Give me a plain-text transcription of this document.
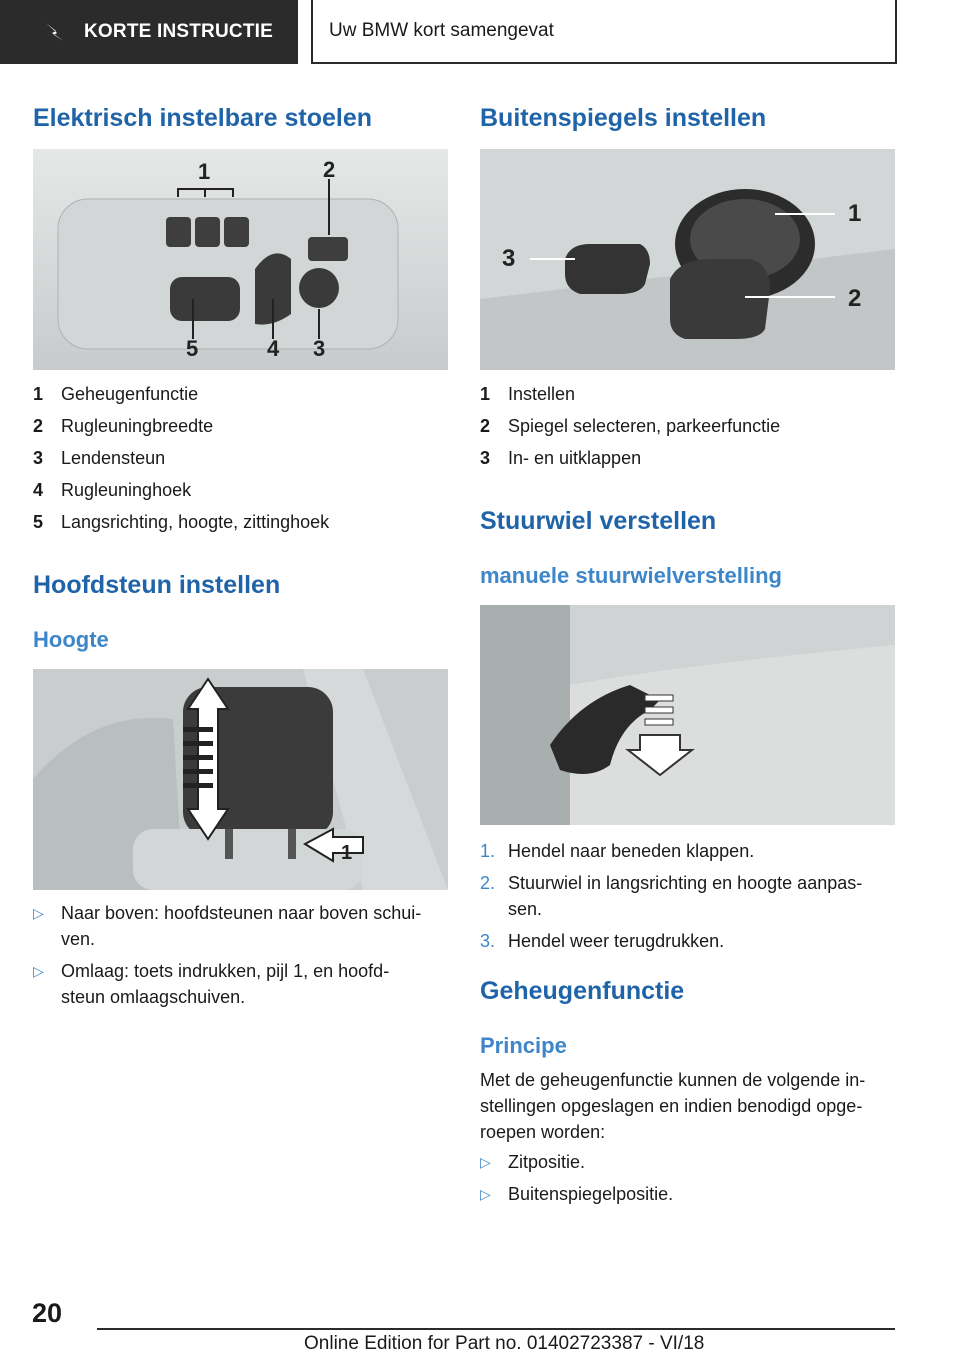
KORTE INSTRUCTIE	Uw BMW kort samengevat
Elektrisch instelbare stoelen
1	2
3
4
5
1 Geheugenfunctie
2 Rugleuningbreedte
3 Lendensteun
4 Rugleuninghoek
5 Langsrichting, hoogte, zittinghoek
Hoofdsteun instellen
Hoogte
1
▷ Naar boven: hoofdsteunen naar boven schui-
ven.
▷ Omlaag: toets indrukken, pijl 1, en hoofd-
steun omlaagschuiven.
Buitenspiegels instellen
1
2
3
1 Instellen
2 Spiegel selecteren, parkeerfunctie
3 In- en uitklappen
Stuurwiel verstellen
manuele stuurwielverstelling
1. Hendel naar beneden klappen.
2. Stuurwiel in langsrichting en hoogte aanpas-
sen.
3. Hendel weer terugdrukken.
Geheugenfunctie
Principe

Met de geheugenfunctie kunnen de volgende in-
stellingen opgeslagen en indien benodigd opge-
roepen worden:

▷ Zitpositie.
▷ Buitenspiegelpositie.
20
Online Edition for Part no. 01402723387 - VI/18
